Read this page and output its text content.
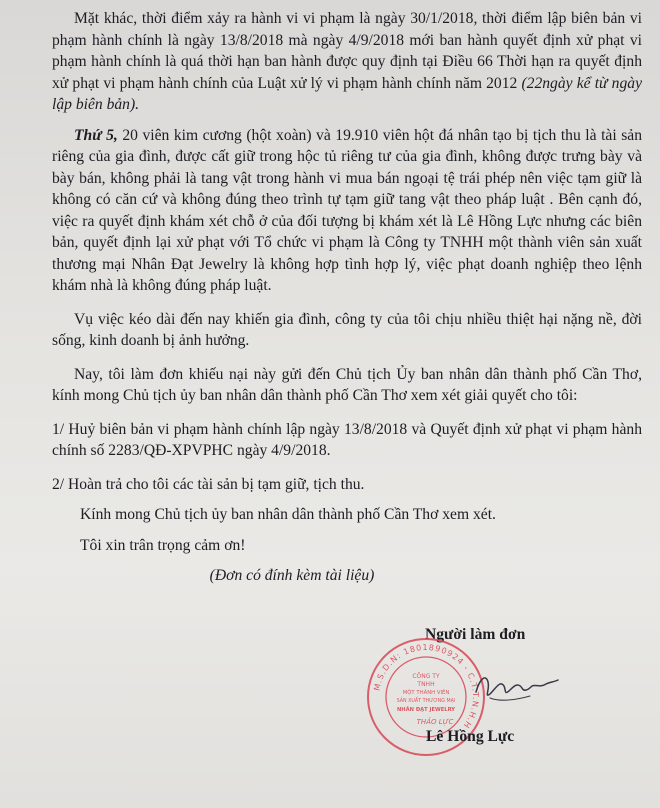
Mặt khác, thời điểm xảy ra hành vi vi phạm là ngày 30/1/2018, thời điểm lập biên bản vi phạm hành chính là ngày 13/8/2018 mà ngày 4/9/2018 mới ban hành quyết định xử phạt vi phạm hành chính là quá thời hạn ban hành được quy định tại Điều 66 Thời hạn ra quyết định xử phạt vi phạm hành chính của Luật xử lý vi phạm hành chính năm 2012 (22ngày kể từ ngày lập biên bản).

Thứ 5, 20 viên kim cương (hột xoàn) và 19.910 viên hột đá nhân tạo bị tịch thu là tài sản riêng của gia đình, được cất giữ trong hộc tủ riêng tư của gia đình, không được trưng bày và bày bán, không phải là tang vật trong hành vi mua bán ngoại tệ trái phép nên việc tạm giữ là không có căn cứ và không đúng theo trình tự tạm giữ tang vật theo pháp luật . Bên cạnh đó, việc ra quyết định khám xét chỗ ở của đối tượng bị khám xét là Lê Hồng Lực nhưng các biên bản, quyết định lại xử phạt với Tổ chức vi phạm là Công ty TNHH một thành viên sản xuất thương mại Nhân Đạt Jewelry là không hợp tình hợp lý, việc phạt doanh nghiệp theo lệnh khám nhà là không đúng pháp luật.

Vụ việc kéo dài đến nay khiến gia đình, công ty của tôi chịu nhiều thiệt hại nặng nề, đời sống, kinh doanh bị ảnh hưởng.

Nay, tôi làm đơn khiếu nại này gửi đến Chủ tịch Ủy ban nhân dân thành phố Cần Thơ, kính mong Chủ tịch ủy ban nhân dân thành phố Cần Thơ xem xét giải quyết cho tôi:

1/ Huỷ biên bản vi phạm hành chính lập ngày 13/8/2018 và Quyết định xử phạt vi phạm hành chính số 2283/QĐ-XPVPHC ngày 4/9/2018.

2/ Hoàn trả cho tôi các tài sản bị tạm giữ, tịch thu.

Kính mong Chủ tịch ủy ban nhân dân thành phố Cần Thơ xem xét.

Tôi xin trân trọng cảm ơn!

(Đơn có đính kèm tài liệu)

Người làm đơn
M.S.D.N: 1801890924 - C.T.T.N.H.H
CÔNG TY
TNHH
MỘT THÀNH VIÊN
SẢN XUẤT THƯƠNG MẠI
NHÂN ĐẠT JEWELRY
THẢO LỰC
Lê Hồng Lực
